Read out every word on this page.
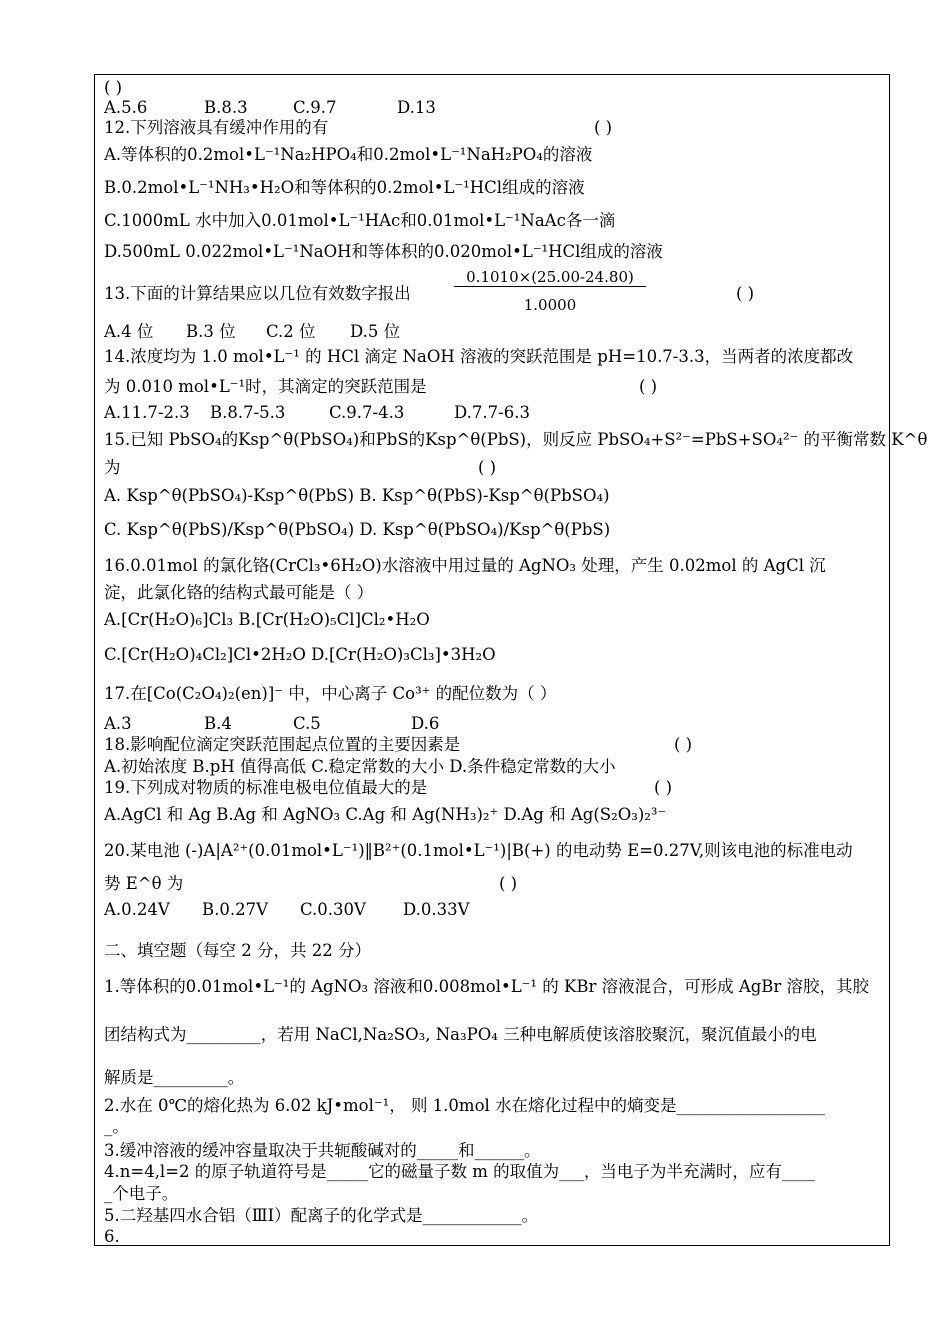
( )
A.5.6	B.8.3	C.9.7	D.13
12.下列溶液具有缓冲作用的有	( )
A.等体积的0.2mol•L⁻¹Na₂HPO₄和0.2mol•L⁻¹NaH₂PO₄的溶液
B.0.2mol•L⁻¹NH₃•H₂O和等体积的0.2mol•L⁻¹HCl组成的溶液
C.1000mL 水中加入0.01mol•L⁻¹HAc和0.01mol•L⁻¹NaAc各一滴
D.500mL 0.022mol•L⁻¹NaOH和等体积的0.020mol•L⁻¹HCl组成的溶液
13.下面的计算结果应以几位有效数字报出
0.1010×(25.00-24.80)
1.0000
( )
A.4 位 B.3 位 C.2 位 D.5 位
14.浓度均为 1.0 mol•L⁻¹ 的 HCl 滴定 NaOH 溶液的突跃范围是 pH=10.7-3.3，当两者的浓度都改
为 0.010 mol•L⁻¹时，其滴定的突跃范围是	( )
A.11.7-2.3 B.8.7-5.3	C.9.7-4.3	D.7.7-6.3
15.已知 PbSO₄的Ksp^θ(PbSO₄)和PbS的Ksp^θ(PbS)，则反应 PbSO₄+S²⁻=PbS+SO₄²⁻ 的平衡常数 K^θ
为	( )
A. Ksp^θ(PbSO₄)-Ksp^θ(PbS) B. Ksp^θ(PbS)-Ksp^θ(PbSO₄)
C. Ksp^θ(PbS)/Ksp^θ(PbSO₄) D. Ksp^θ(PbSO₄)/Ksp^θ(PbS)
16.0.01mol 的氯化铬(CrCl₃•6H₂O)水溶液中用过量的 AgNO₃ 处理，产生 0.02mol 的 AgCl 沉
淀，此氯化铬的结构式最可能是（ ）
A.[Cr(H₂O)₆]Cl₃ B.[Cr(H₂O)₅Cl]Cl₂•H₂O
C.[Cr(H₂O)₄Cl₂]Cl•2H₂O D.[Cr(H₂O)₃Cl₃]•3H₂O
17.在[Co(C₂O₄)₂(en)]⁻ 中，中心离子 Co³⁺ 的配位数为（ ）
A.3	B.4	C.5	D.6
18.影响配位滴定突跃范围起点位置的主要因素是	( )
A.初始浓度 B.pH 值得高低 C.稳定常数的大小 D.条件稳定常数的大小
19.下列成对物质的标准电极电位值最大的是	( )
A.AgCl 和 Ag B.Ag 和 AgNO₃ C.Ag 和 Ag(NH₃)₂⁺ D.Ag 和 Ag(S₂O₃)₂³⁻
20.某电池 (-)A|A²⁺(0.01mol•L⁻¹)‖B²⁺(0.1mol•L⁻¹)|B(+) 的电动势 E=0.27V,则该电池的标准电动
势 E^θ 为	( )
A.0.24V B.0.27V C.0.30V D.0.33V
二、填空题（每空 2 分，共 22 分）
1.等体积的0.01mol•L⁻¹的 AgNO₃ 溶液和0.008mol•L⁻¹ 的 KBr 溶液混合，可形成 AgBr 溶胶，其胶
团结构式为_________，若用 NaCl,Na₂SO₃, Na₃PO₄ 三种电解质使该溶胶聚沉，聚沉值最小的电
解质是_________。
2.水在 0℃的熔化热为 6.02 kJ•mol⁻¹， 则 1.0mol 水在熔化过程中的熵变是__________________
_。
3.缓冲溶液的缓冲容量取决于共轭酸碱对的_____和______。
4.n=4,l=2 的原子轨道符号是_____它的磁量子数 m 的取值为___，当电子为半充满时，应有____
_个电子。
5.二羟基四水合铝（ⅢI）配离子的化学式是____________。
6.
